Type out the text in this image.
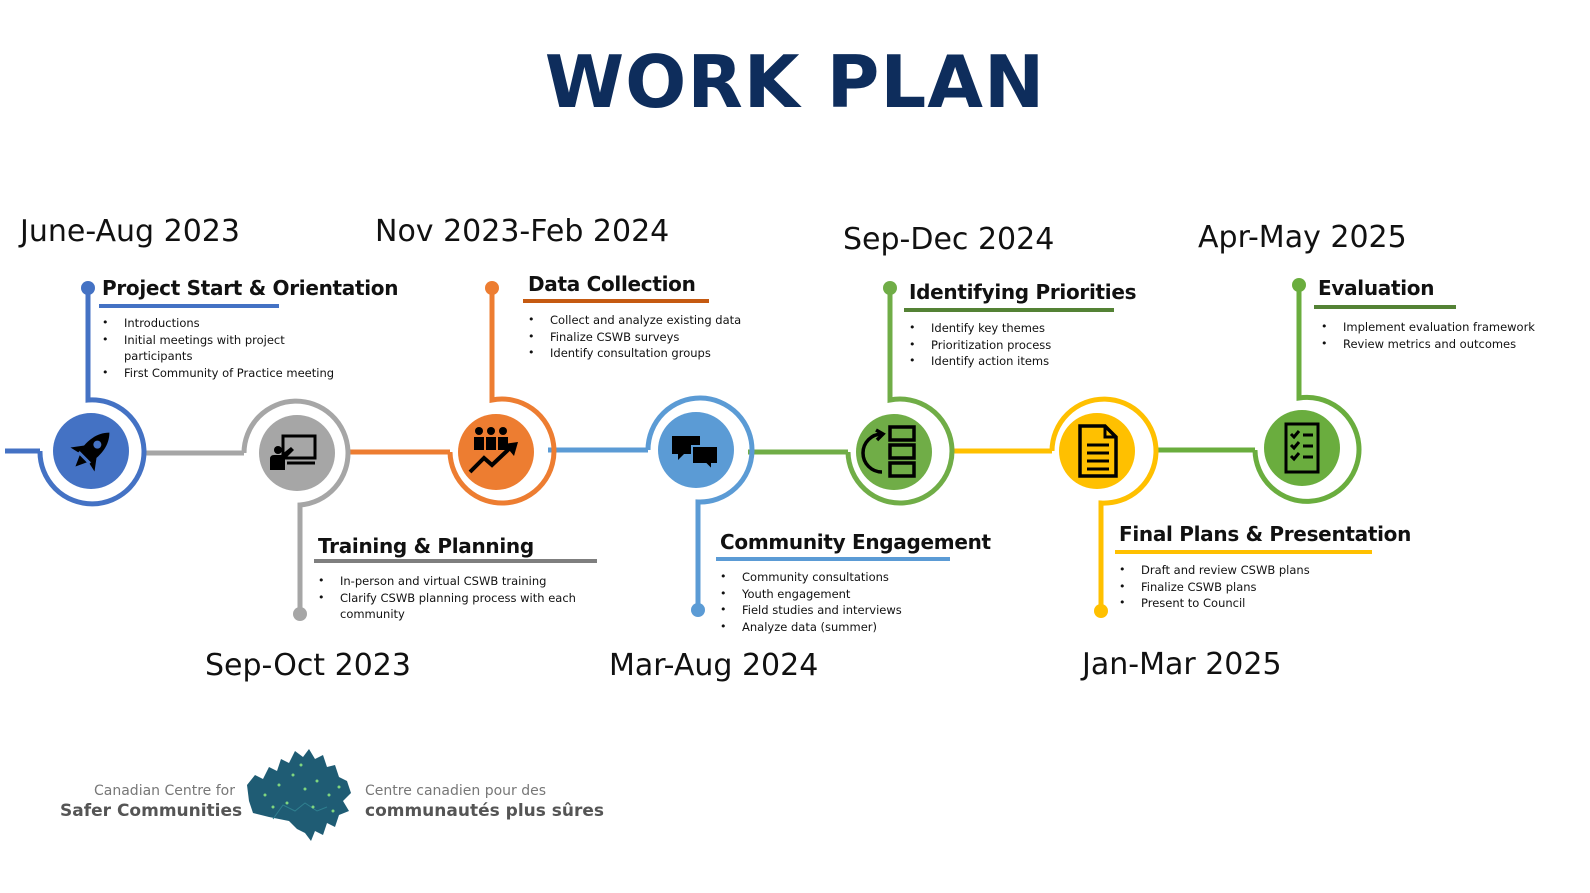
WORK PLAN
June-Aug 2023
Project Start & Orientation
• Introductions
• Initial meetings with project participants
• First Community of Practice meeting
Sep-Oct 2023
Training & Planning
• In-person and virtual CSWB training
• Clarify CSWB planning process with each community
Nov 2023-Feb 2024
Data Collection
• Collect and analyze existing data
• Finalize CSWB surveys
• Identify consultation groups
Mar-Aug 2024
Community Engagement
• Community consultations
• Youth engagement
• Field studies and interviews
• Analyze data (summer)
Sep-Dec 2024
Identifying Priorities
• Identify key themes
• Prioritization process
• Identify action items
Jan-Mar 2025
Final Plans & Presentation
• Draft and review CSWB plans
• Finalize CSWB plans
• Present to Council
Apr-May 2025
Evaluation
• Implement evaluation framework
• Review metrics and outcomes
Canadian Centre for
Safer Communities
Centre canadien pour des
communautés plus sûres
